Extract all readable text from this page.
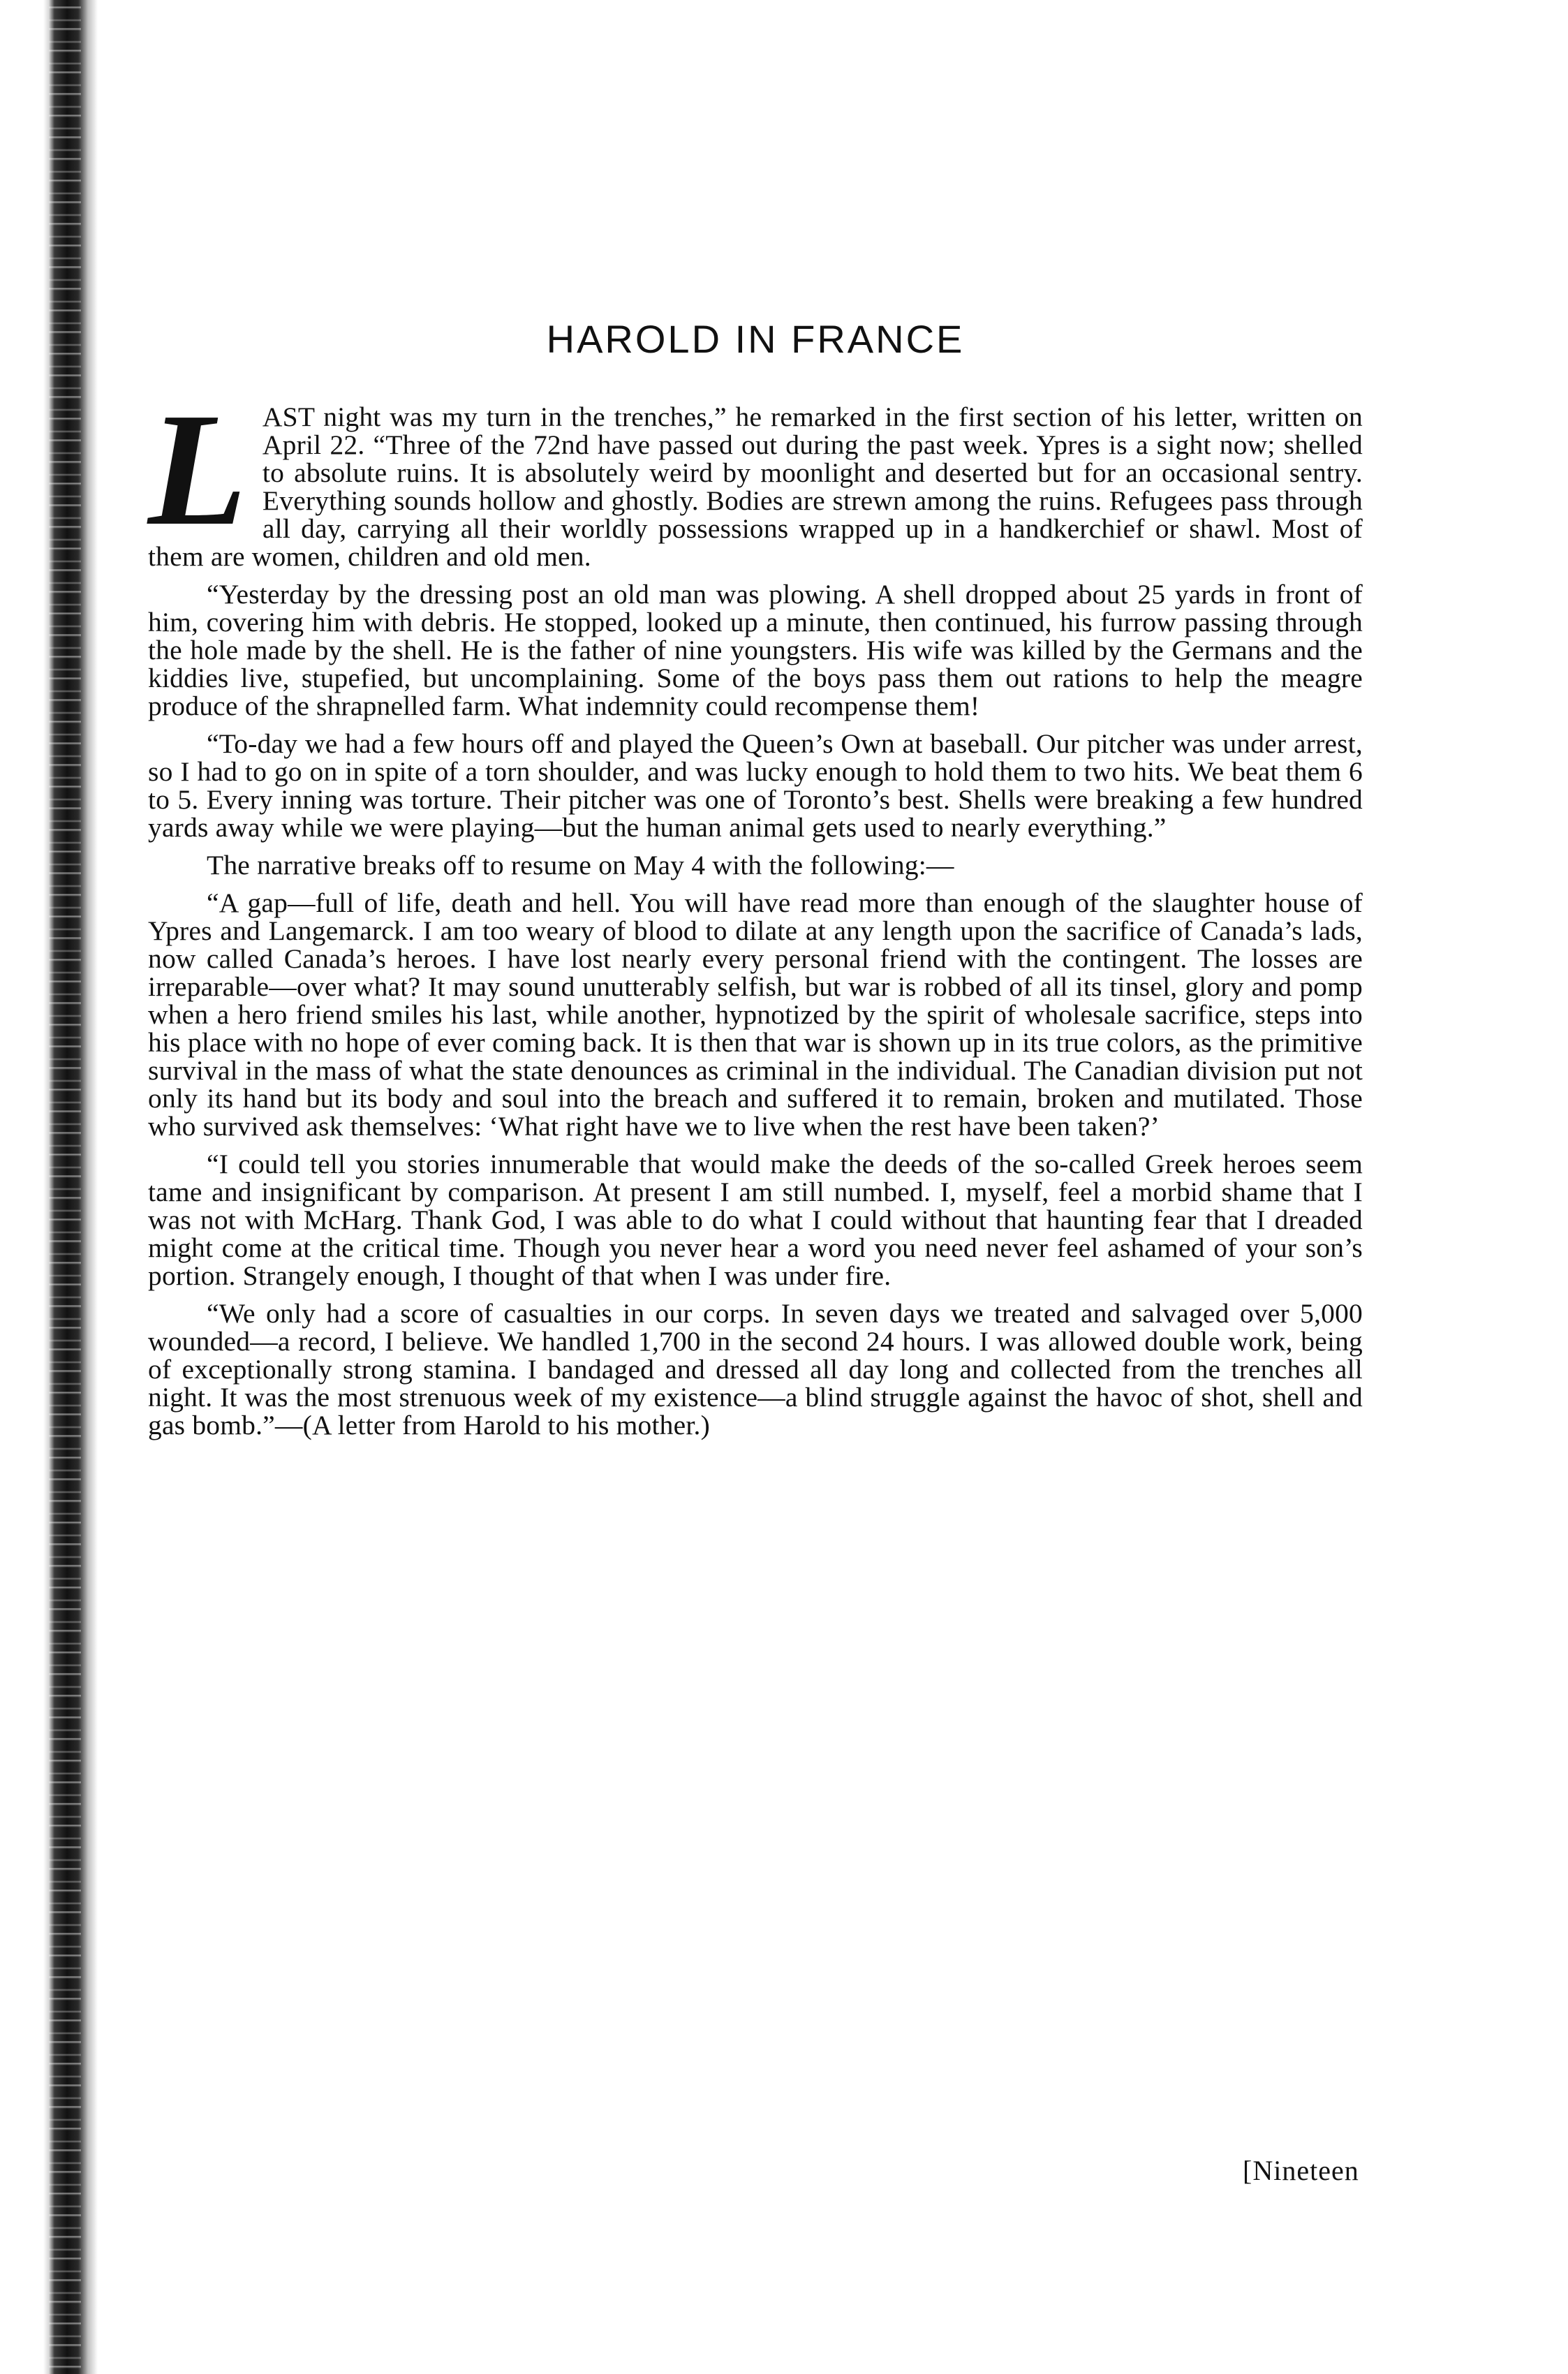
HAROLD IN FRANCE

LAST night was my turn in the trenches,” he remarked in the first section of his letter, written on April 22. “Three of the 72nd have passed out during the past week. Ypres is a sight now; shelled to absolute ruins. It is absolutely weird by moonlight and deserted but for an occasional sentry. Everything sounds hollow and ghostly. Bodies are strewn among the ruins. Refugees pass through all day, carrying all their worldly possessions wrapped up in a handkerchief or shawl. Most of them are women, children and old men.

“Yesterday by the dressing post an old man was plowing. A shell dropped about 25 yards in front of him, covering him with debris. He stopped, looked up a minute, then continued, his furrow passing through the hole made by the shell. He is the father of nine youngsters. His wife was killed by the Germans and the kiddies live, stupefied, but uncomplaining. Some of the boys pass them out rations to help the meagre produce of the shrapnelled farm. What indemnity could recompense them!

“To-day we had a few hours off and played the Queen’s Own at baseball. Our pitcher was under arrest, so I had to go on in spite of a torn shoulder, and was lucky enough to hold them to two hits. We beat them 6 to 5. Every inning was torture. Their pitcher was one of Toronto’s best. Shells were breaking a few hundred yards away while we were playing—but the human animal gets used to nearly everything.”

The narrative breaks off to resume on May 4 with the following:—

“A gap—full of life, death and hell. You will have read more than enough of the slaughter house of Ypres and Langemarck. I am too weary of blood to dilate at any length upon the sacrifice of Canada’s lads, now called Canada’s heroes. I have lost nearly every personal friend with the contingent. The losses are irreparable—over what? It may sound unutterably selfish, but war is robbed of all its tinsel, glory and pomp when a hero friend smiles his last, while another, hypnotized by the spirit of wholesale sacrifice, steps into his place with no hope of ever coming back. It is then that war is shown up in its true colors, as the primitive survival in the mass of what the state denounces as criminal in the individual. The Canadian division put not only its hand but its body and soul into the breach and suffered it to remain, broken and mutilated. Those who survived ask themselves: ‘What right have we to live when the rest have been taken?’

“I could tell you stories innumerable that would make the deeds of the so-called Greek heroes seem tame and insignificant by comparison. At present I am still numbed. I, myself, feel a morbid shame that I was not with McHarg. Thank God, I was able to do what I could without that haunting fear that I dreaded might come at the critical time. Though you never hear a word you need never feel ashamed of your son’s portion. Strangely enough, I thought of that when I was under fire.

“We only had a score of casualties in our corps. In seven days we treated and salvaged over 5,000 wounded—a record, I believe. We handled 1,700 in the second 24 hours. I was allowed double work, being of exceptionally strong stamina. I bandaged and dressed all day long and collected from the trenches all night. It was the most strenuous week of my existence—a blind struggle against the havoc of shot, shell and gas bomb.”—(A letter from Harold to his mother.)

[Nineteen
